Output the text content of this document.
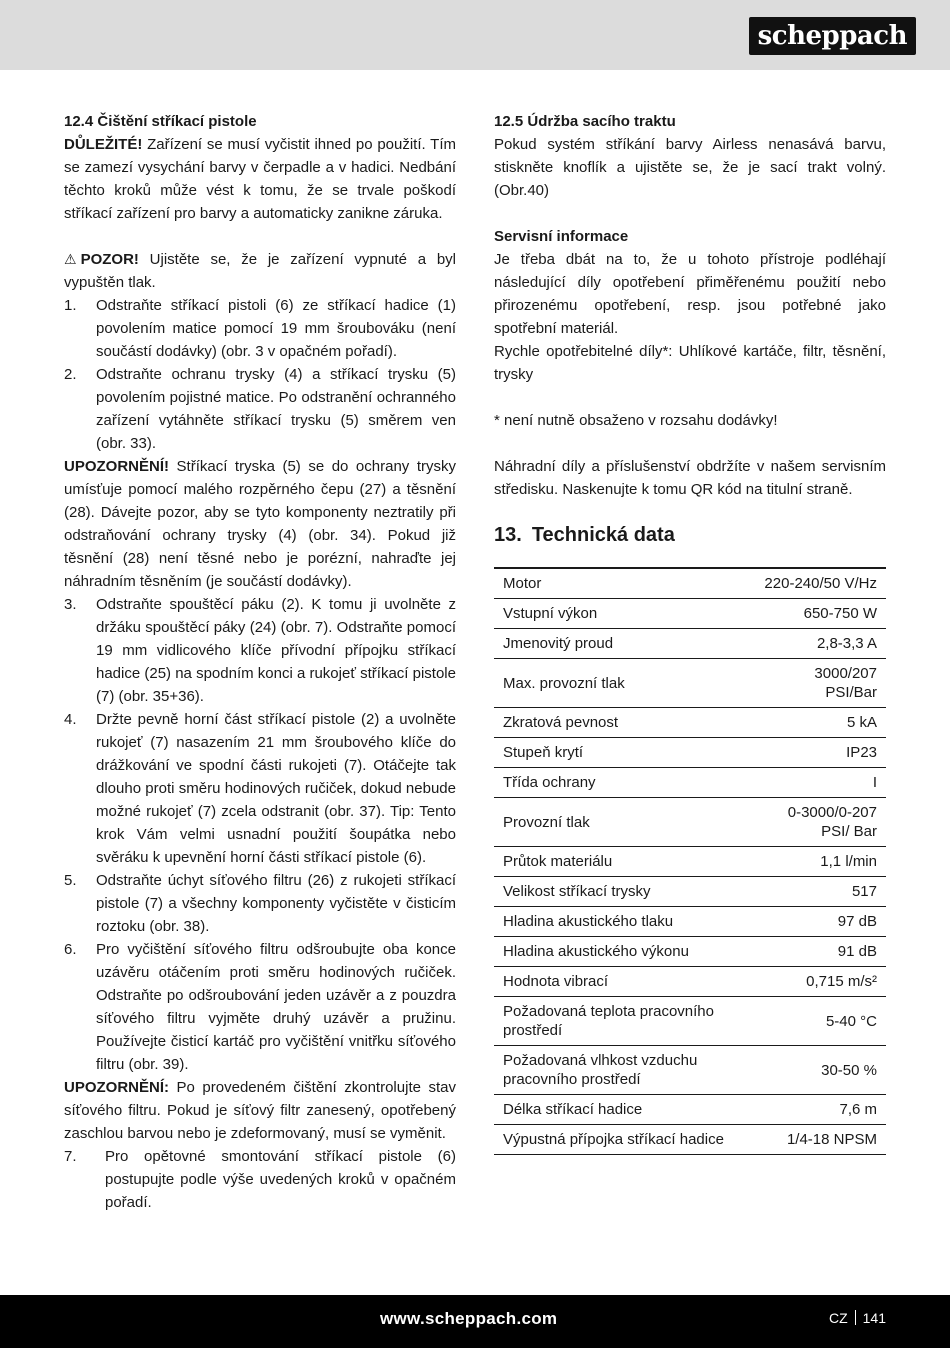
scheppach

12.4 Čištění stříkací pistole

DŮLEŽITÉ! Zařízení se musí vyčistit ihned po použití. Tím se zamezí vysychání barvy v čerpadle a v hadici. Nedbání těchto kroků může vést k tomu, že se trvale poškodí stříkací zařízení pro barvy a automaticky zanikne záruka.

⚠ POZOR! Ujistěte se, že je zařízení vypnuté a byl vypuštěn tlak.

1. Odstraňte stříkací pistoli (6) ze stříkací hadice (1) povolením matice pomocí 19 mm šroubováku (není součástí dodávky) (obr. 3 v opačném pořadí).
2. Odstraňte ochranu trysky (4) a stříkací trysku (5) povolením pojistné matice. Po odstranění ochranného zařízení vytáhněte stříkací trysku (5) směrem ven (obr. 33).

UPOZORNĚNÍ! Stříkací tryska (5) se do ochrany trysky umísťuje pomocí malého rozpěrného čepu (27) a těsnění (28). Dávejte pozor, aby se tyto komponenty neztratily při odstraňování ochrany trysky (4) (obr. 34). Pokud již těsnění (28) není těsné nebo je porézní, nahraďte jej náhradním těsněním (je součástí dodávky).

3. Odstraňte spouštěcí páku (2). K tomu ji uvolněte z držáku spouštěcí páky (24) (obr. 7). Odstraňte pomocí 19 mm vidlicového klíče přívodní přípojku stříkací hadice (25) na spodním konci a rukojeť stříkací pistole (7) (obr. 35+36).
4. Držte pevně horní část stříkací pistole (2) a uvolněte rukojeť (7) nasazením 21 mm šroubového klíče do drážkování ve spodní části rukojeti (7). Otáčejte tak dlouho proti směru hodinových ručiček, dokud nebude možné rukojeť (7) zcela odstranit (obr. 37). Tip: Tento krok Vám velmi usnadní použití šoupátka nebo svěráku k upevnění horní části stříkací pistole (6).
5. Odstraňte úchyt síťového filtru (26) z rukojeti stříkací pistole (7) a všechny komponenty vyčistěte v čisticím roztoku (obr. 38).
6. Pro vyčištění síťového filtru odšroubujte oba konce uzávěru otáčením proti směru hodinových ručiček. Odstraňte po odšroubování jeden uzávěr a z pouzdra síťového filtru vyjměte druhý uzávěr a pružinu. Používejte čisticí kartáč pro vyčištění vnitřku síťového filtru (obr. 39).

UPOZORNĚNÍ: Po provedeném čištění zkontrolujte stav síťového filtru. Pokud je síťový filtr zanesený, opotřebený zaschlou barvou nebo je zdeformovaný, musí se vyměnit.

7. Pro opětovné smontování stříkací pistole (6) postupujte podle výše uvedených kroků v opačném pořadí.

12.5 Údržba sacího traktu

Pokud systém stříkání barvy Airless nenasává barvu, stiskněte knoflík a ujistěte se, že je sací trakt volný. (Obr.40)

Servisní informace

Je třeba dbát na to, že u tohoto přístroje podléhají následující díly opotřebení přiměřenému použití nebo přirozenému opotřebení, resp. jsou potřebné jako spotřební materiál.

Rychle opotřebitelné díly*: Uhlíkové kartáče, filtr, těsnění, trysky

* není nutně obsaženo v rozsahu dodávky!

Náhradní díly a příslušenství obdržíte v našem servisním středisku. Naskenujte k tomu QR kód na titulní straně.

13. Technická data
Motor	220-240/50 V/Hz
Vstupní výkon	650-750 W
Jmenovitý proud	2,8-3,3 A
Max. provozní tlak	3000/207 PSI/Bar
Zkratová pevnost	5 kA
Stupeň krytí	IP23
Třída ochrany	I
Provozní tlak	0-3000/0-207 PSI/ Bar
Průtok materiálu	1,1 l/min
Velikost stříkací trysky	517
Hladina akustického tlaku	97 dB
Hladina akustického výkonu	91 dB
Hodnota vibrací	0,715 m/s²
Požadovaná teplota pracovního prostředí	5-40 °C
Požadovaná vlhkost vzduchu pracovního prostředí	30-50 %
Délka stříkací hadice	7,6 m
Výpustná přípojka stříkací hadice	1/4-18 NPSM
www.scheppach.com	CZ 141
